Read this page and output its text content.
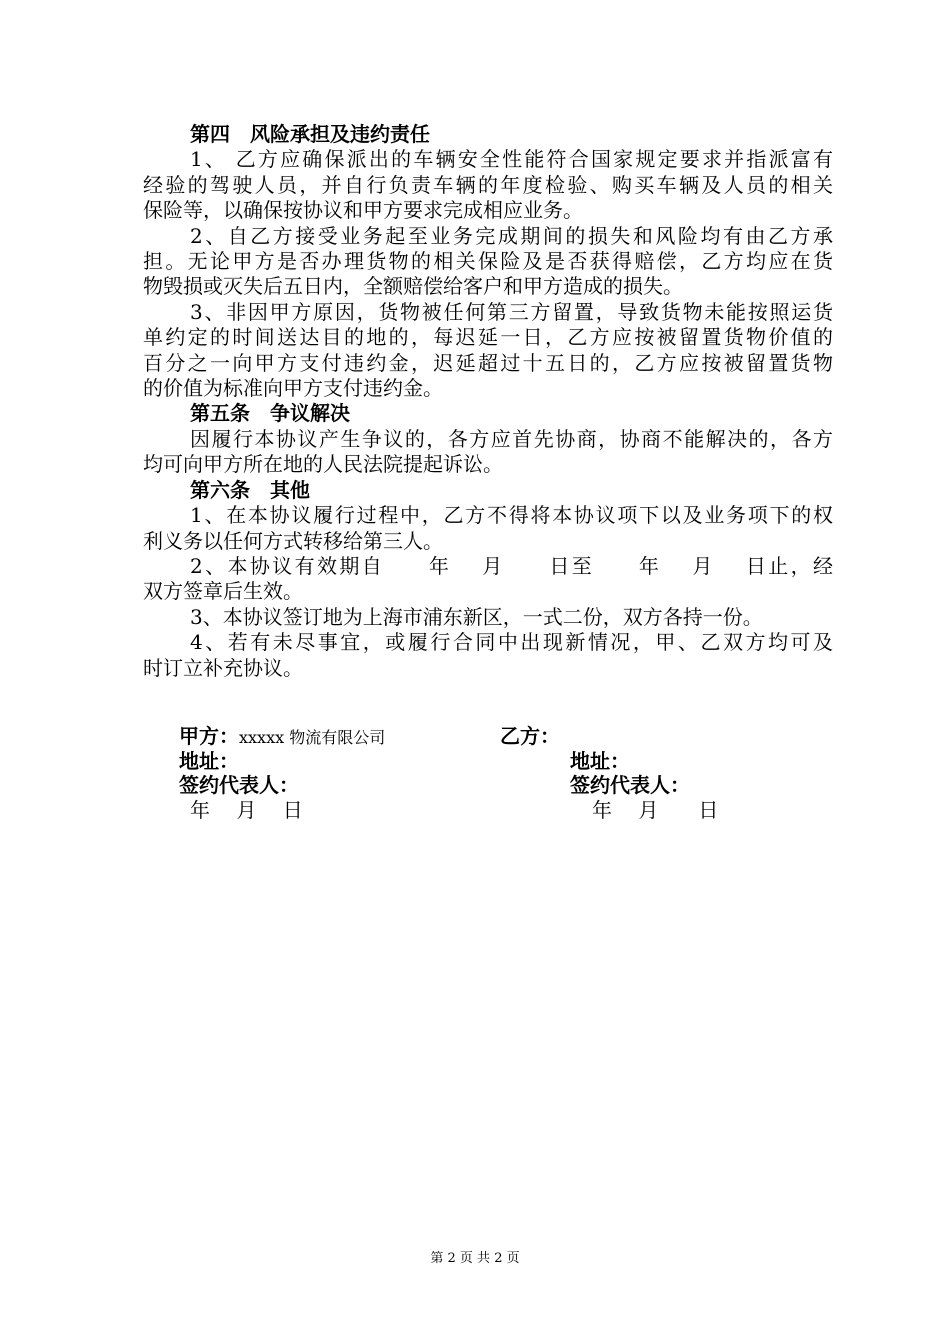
第四　风险承担及违约责任
1、 乙方应确保派出的车辆安全性能符合国家规定要求并指派富有
经验的驾驶人员，并自行负责车辆的年度检验、购买车辆及人员的相关
保险等，以确保按协议和甲方要求完成相应业务。
2、自乙方接受业务起至业务完成期间的损失和风险均有由乙方承
担。无论甲方是否办理货物的相关保险及是否获得赔偿，乙方均应在货
物毁损或灭失后五日内，全额赔偿给客户和甲方造成的损失。
3、非因甲方原因，货物被任何第三方留置，导致货物未能按照运货
单约定的时间送达目的地的，每迟延一日，乙方应按被留置货物价值的
百分之一向甲方支付违约金，迟延超过十五日的，乙方应按被留置货物
的价值为标准向甲方支付违约金。
第五条　争议解决
因履行本协议产生争议的，各方应首先协商，协商不能解决的，各方
均可向甲方所在地的人民法院提起诉讼。
第六条　其他
1、在本协议履行过程中，乙方不得将本协议项下以及业务项下的权
利义务以任何方式转移给第三人。
2、本协议有效期自　　年　 月　　日至　　年　 月　 日止，经
双方签章后生效。
3、本协议签订地为上海市浦东新区，一式二份，双方各持一份。
4、若有未尽事宜，或履行合同中出现新情况，甲、乙双方均可及
时订立补充协议。
甲方：xxxxx 物流有限公司	乙方：
地址：	地址：
签约代表人：	签约代表人：
年　 月　 日	年　 月　　日
第 2 页 共 2 页
